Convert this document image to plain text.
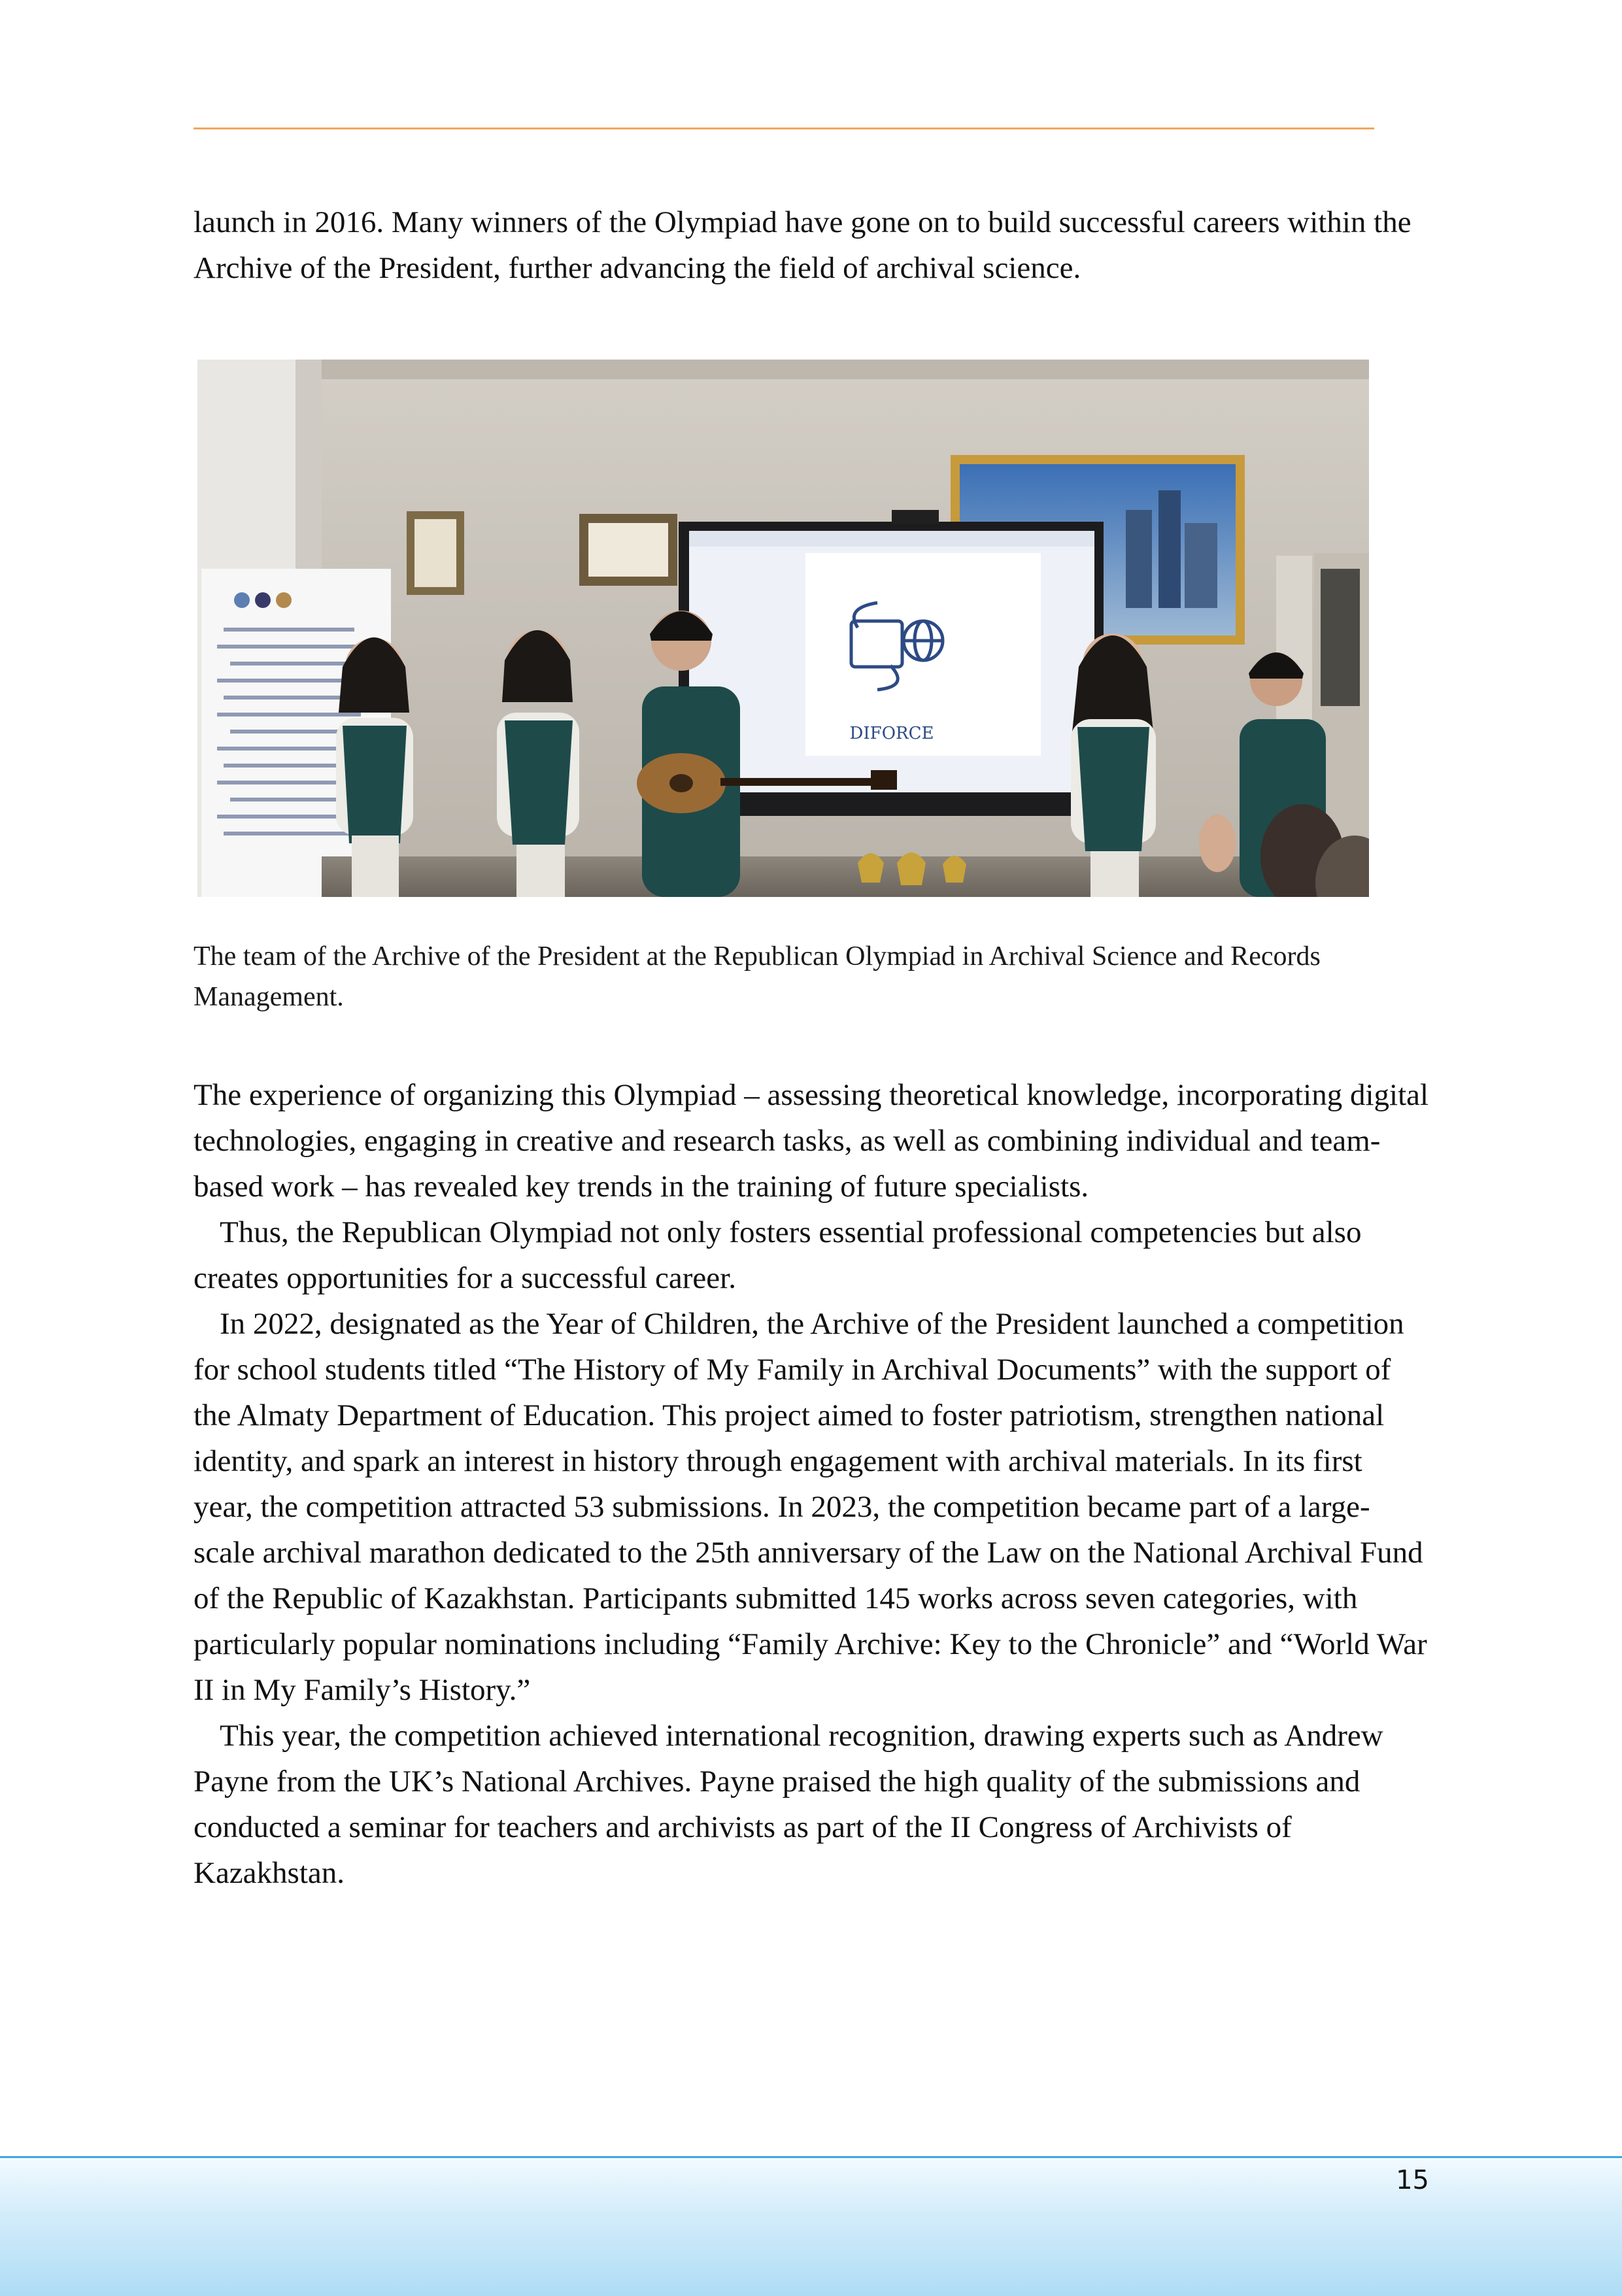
launch in 2016. Many winners of the Olympiad have gone on to build successful careers within the Archive of the President, further advancing the field of archival science.

DIFORCE

The team of the Archive of the President at the Republican Olympiad in Archival Science and Records Management.

The experience of organizing this Olympiad – assessing theoretical knowledge, incorporating digital technologies, engaging in creative and research tasks, as well as combining individual and team-based work – has revealed key trends in the training of future specialists.

Thus, the Republican Olympiad not only fosters essential professional competencies but also creates opportunities for a successful career.

In 2022, designated as the Year of Children, the Archive of the President launched a competition for school students titled “The History of My Family in Archival Documents” with the support of the Almaty Department of Education. This project aimed to foster patriotism, strengthen national identity, and spark an interest in history through engagement with archival materials. In its first year, the competition attracted 53 submissions. In 2023, the competition became part of a large-scale archival marathon dedicated to the 25th anniversary of the Law on the National Archival Fund of the Republic of Kazakhstan. Participants submitted 145 works across seven categories, with particularly popular nominations including “Family Archive: Key to the Chronicle” and “World War II in My Family’s History.”

This year, the competition achieved international recognition, drawing experts such as Andrew Payne from the UK’s National Archives. Payne praised the high quality of the submissions and conducted a seminar for teachers and archivists as part of the II Congress of Archivists of Kazakhstan.

15
